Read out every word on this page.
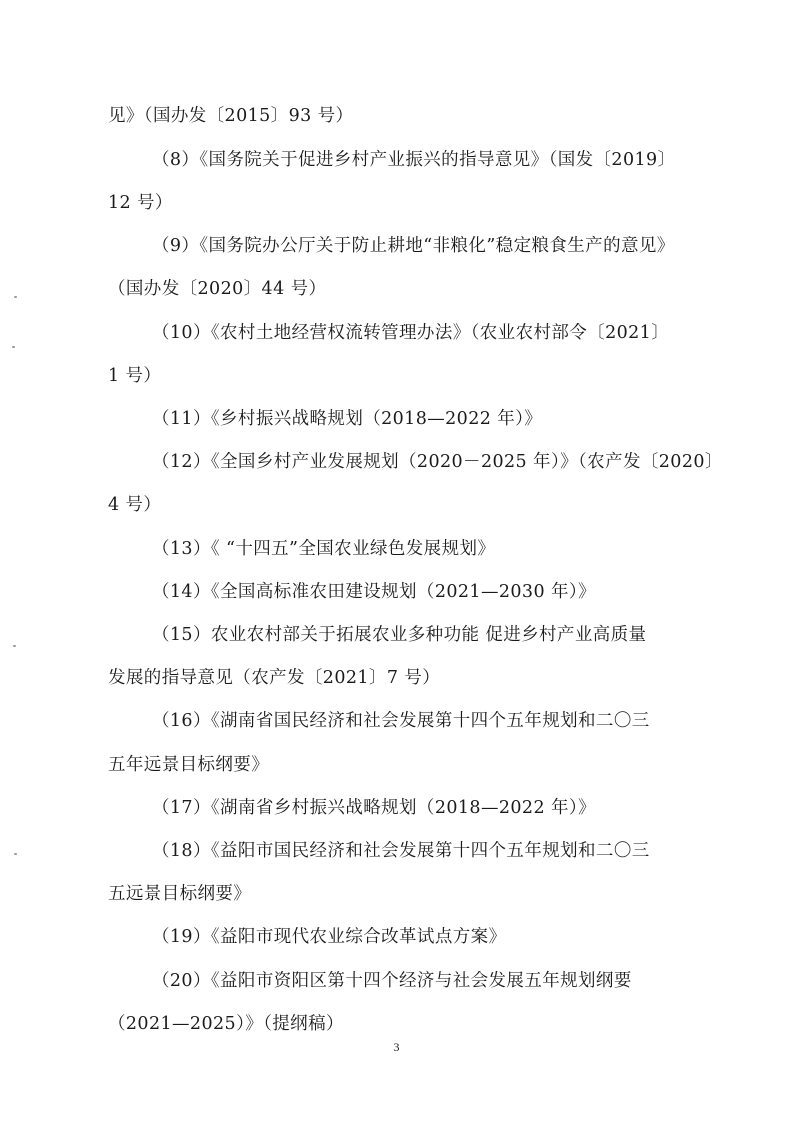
见》（国办发〔2015〕93 号）
（8）《国务院关于促进乡村产业振兴的指导意见》（国发〔2019〕
12 号）
（9）《国务院办公厅关于防止耕地“非粮化”稳定粮食生产的意见》
（国办发〔2020〕44 号）
（10）《农村土地经营权流转管理办法》（农业农村部令〔2021〕
1 号）
（11）《乡村振兴战略规划（2018—2022 年）》
（12）《全国乡村产业发展规划（2020－2025 年）》（农产发〔2020〕
4 号）
（13）《 “十四五”全国农业绿色发展规划》
（14）《全国高标准农田建设规划（2021—2030 年）》
（15）农业农村部关于拓展农业多种功能 促进乡村产业高质量
发展的指导意见（农产发〔2021〕7 号）
（16）《湖南省国民经济和社会发展第十四个五年规划和二〇三
五年远景目标纲要》
（17）《湖南省乡村振兴战略规划（2018—2022 年）》
（18）《益阳市国民经济和社会发展第十四个五年规划和二〇三
五远景目标纲要》
（19）《益阳市现代农业综合改革试点方案》
（20）《益阳市资阳区第十四个经济与社会发展五年规划纲要
（2021—2025）》（提纲稿）
3
